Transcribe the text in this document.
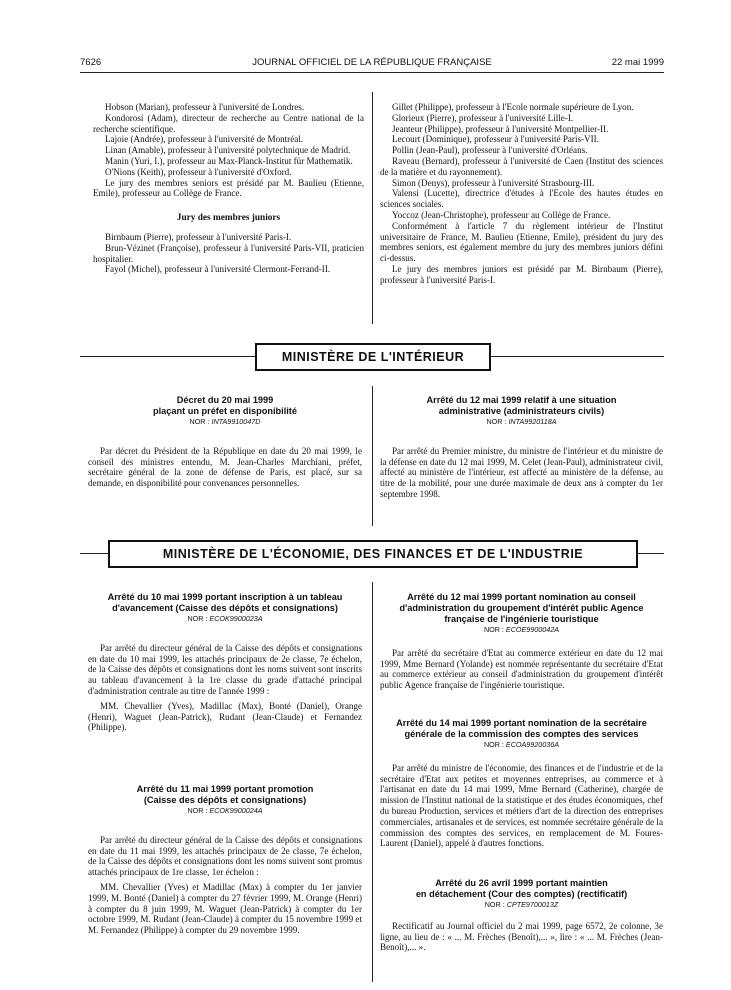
7626	JOURNAL OFFICIEL DE LA RÉPUBLIQUE FRANÇAISE	22 mai 1999

Hobson (Marian), professeur à l'université de Londres.

Kondorosi (Adam), directeur de recherche au Centre national de la recherche scientifique.

Lajoie (Andrée), professeur à l'université de Montréal.

Linan (Amable), professeur à l'université polytechnique de Madrid.

Manin (Yuri, I.), professeur au Max-Planck-Institut für Mathematik.

O'Nions (Keith), professeur à l'université d'Oxford.

Le jury des membres seniors est présidé par M. Baulieu (Etienne, Emile), professeur au Collège de France.

Jury des membres juniors

Birnbaum (Pierre), professeur à l'université Paris-I.

Brun-Vézinet (Françoise), professeur à l'université Paris-VII, praticien hospitalier.

Fayol (Michel), professeur à l'université Clermont-Ferrand-II.

Gillet (Philippe), professeur à l'Ecole normale supérieure de Lyon.

Glorieux (Pierre), professeur à l'université Lille-I.

Jeanteur (Philippe), professeur à l'université Montpellier-II.

Lecourt (Dominique), professeur à l'université Paris-VII.

Pollin (Jean-Paul), professeur à l'université d'Orléans.

Raveau (Bernard), professeur à l'université de Caen (Institut des sciences de la matière et du rayonnement).

Simon (Denys), professeur à l'université Strasbourg-III.

Valensi (Lucette), directrice d'études à l'Ecole des hautes études en sciences sociales.

Yoccoz (Jean-Christophe), professeur au Collège de France.

Conformément à l'article 7 du règlement intérieur de l'Institut universitaire de France, M. Baulieu (Etienne, Emile), président du jury des membres seniors, est également membre du jury des membres juniors défini ci-dessus.

Le jury des membres juniors est présidé par M. Birnbaum (Pierre), professeur à l'université Paris-I.

MINISTÈRE DE L'INTÉRIEUR

Décret du 20 mai 1999

plaçant un préfet en disponibilité

NOR : INTA9910047D

Par décret du Président de la République en date du 20 mai 1999, le conseil des ministres entendu, M. Jean-Charles Marchiani, préfet, secrétaire général de la zone de défense de Paris, est placé, sur sa demande, en disponibilité pour convenances personnelles.

Arrêté du 12 mai 1999 relatif à une situation

administrative (administrateurs civils)

NOR : INTA9920118A

Par arrêté du Premier ministre, du ministre de l'intérieur et du ministre de la défense en date du 12 mai 1999, M. Celet (Jean-Paul), administrateur civil, affecté au ministère de l'intérieur, est affecté au ministère de la défense, au titre de la mobilité, pour une durée maximale de deux ans à compter du 1er septembre 1998.

MINISTÈRE DE L'ÉCONOMIE, DES FINANCES ET DE L'INDUSTRIE

Arrêté du 10 mai 1999 portant inscription à un tableau

d'avancement (Caisse des dépôts et consignations)

NOR : ECOK9900023A

Par arrêté du directeur général de la Caisse des dépôts et consignations en date du 10 mai 1999, les attachés principaux de 2e classe, 7e échelon, de la Caisse des dépôts et consignations dont les noms suivent sont inscrits au tableau d'avancement à la 1re classe du grade d'attaché principal d'administration centrale au titre de l'année 1999 :

MM. Chevallier (Yves), Madillac (Max), Bonté (Daniel), Orange (Henri), Waguet (Jean-Patrick), Rudant (Jean-Claude) et Fernandez (Philippe).

Arrêté du 11 mai 1999 portant promotion

(Caisse des dépôts et consignations)

NOR : ECOK9900024A

Par arrêté du directeur général de la Caisse des dépôts et consignations en date du 11 mai 1999, les attachés principaux de 2e classe, 7e échelon, de la Caisse des dépôts et consignations dont les noms suivent sont promus attachés principaux de 1re classe, 1er échelon :

MM. Chevallier (Yves) et Madillac (Max) à compter du 1er janvier 1999, M. Bonté (Daniel) à compter du 27 février 1999, M. Orange (Henri) à compter du 8 juin 1999, M. Waguet (Jean-Patrick) à compter du 1er octobre 1999, M. Rudant (Jean-Claude) à compter du 15 novembre 1999 et M. Fernandez (Philippe) à compter du 29 novembre 1999.

Arrêté du 12 mai 1999 portant nomination au conseil

d'administration du groupement d'intérêt public Agence

française de l'ingénierie touristique

NOR : ECOE9900042A

Par arrêté du secrétaire d'Etat au commerce extérieur en date du 12 mai 1999, Mme Bernard (Yolande) est nommée représentante du secrétaire d'Etat au commerce extérieur au conseil d'administration du groupement d'intérêt public Agence française de l'ingénierie touristique.

Arrêté du 14 mai 1999 portant nomination de la secrétaire

générale de la commission des comptes des services

NOR : ECOA9920036A

Par arrêté du ministre de l'économie, des finances et de l'industrie et de la secrétaire d'Etat aux petites et moyennes entreprises, au commerce et à l'artisanat en date du 14 mai 1999, Mme Bernard (Catherine), chargée de mission de l'Institut national de la statistique et des études économiques, chef du bureau Production, services et métiers d'art de la direction des entreprises commerciales, artisanales et de services, est nommée secrétaire générale de la commission des comptes des services, en remplacement de M. Foures-Laurent (Daniel), appelé à d'autres fonctions.

Arrêté du 26 avril 1999 portant maintien

en détachement (Cour des comptes) (rectificatif)

NOR : CPTE9700013Z

Rectificatif au Journal officiel du 2 mai 1999, page 6572, 2e colonne, 3e ligne, au lieu de : « ... M. Frèches (Benoît),... », lire : « ... M. Frèches (Jean-Benoît),... ».
